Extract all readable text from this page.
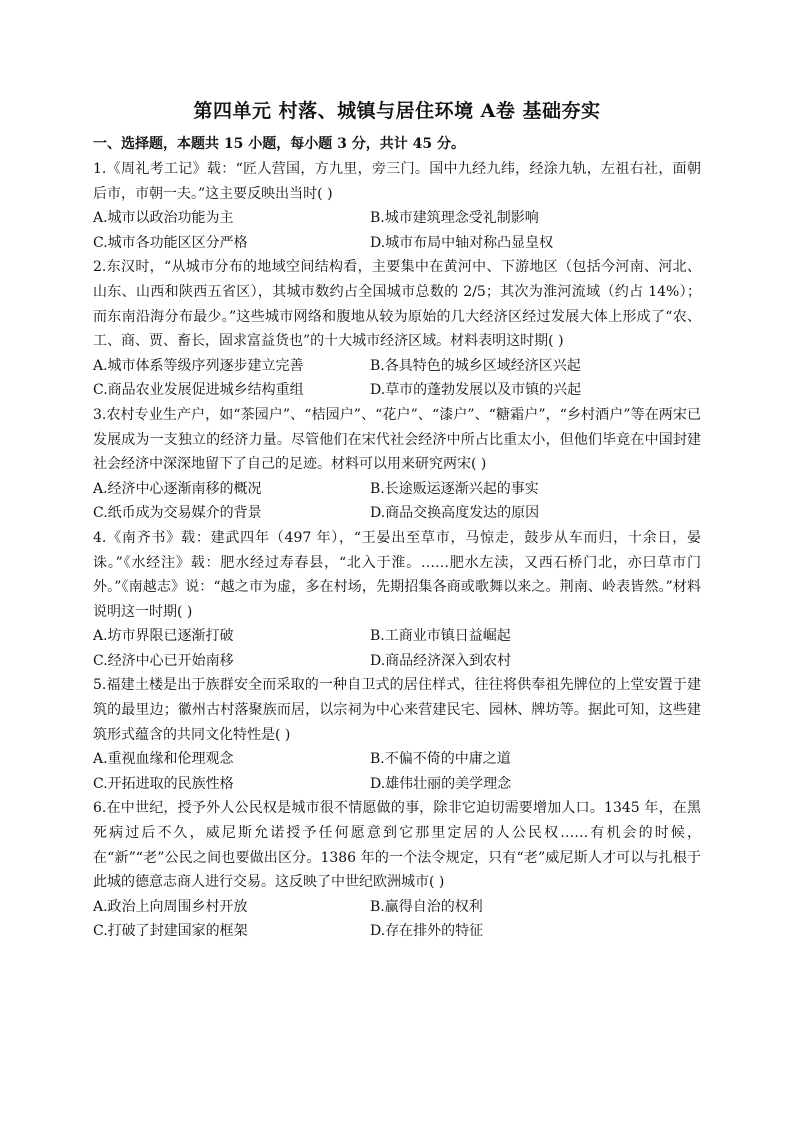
第四单元 村落、城镇与居住环境 A卷 基础夯实
一、选择题，本题共 15 小题，每小题 3 分，共计 45 分。

1.《周礼考工记》载：“匠人营国，方九里，旁三门。国中九经九纬，经涂九轨，左祖右社，面朝后市，市朝一夫。”这主要反映出当时( )

A.城市以政治功能为主	B.城市建筑理念受礼制影响

C.城市各功能区区分严格	D.城市布局中轴对称凸显皇权

2.东汉时，“从城市分布的地域空间结构看，主要集中在黄河中、下游地区（包括今河南、河北、山东、山西和陕西五省区），其城市数约占全国城市总数的 2/5；其次为淮河流域（约占 14%）；而东南沿海分布最少。”这些城市网络和腹地从较为原始的几大经济区经过发展大体上形成了“农、工、商、贾、畜长，固求富益货也”的十大城市经济区域。材料表明这时期( )

A.城市体系等级序列逐步建立完善	B.各具特色的城乡区域经济区兴起

C.商品农业发展促进城乡结构重组	D.草市的蓬勃发展以及市镇的兴起

3.农村专业生产户，如“茶园户”、“桔园户”、“花户”、“漆户”、“糖霜户”，“乡村酒户”等在两宋已发展成为一支独立的经济力量。尽管他们在宋代社会经济中所占比重太小，但他们毕竟在中国封建社会经济中深深地留下了自己的足迹。材料可以用来研究两宋( )

A.经济中心逐渐南移的概况	B.长途贩运逐渐兴起的事实

C.纸币成为交易媒介的背景	D.商品交换高度发达的原因

4.《南齐书》载：建武四年（497 年），“王晏出至草市，马惊走，鼓步从车而归，十余日，晏诛。”《水经注》载：肥水经过寿春县，“北入于淮。……肥水左渎，又西石桥门北，亦曰草市门外。”《南越志》说：“越之市为虚，多在村场，先期招集各商或歌舞以来之。荆南、岭表皆然。”材料说明这一时期( )

A.坊市界限已逐渐打破	B.工商业市镇日益崛起

C.经济中心已开始南移	D.商品经济深入到农村

5.福建土楼是出于族群安全而采取的一种自卫式的居住样式，往往将供奉祖先牌位的上堂安置于建筑的最里边；徽州古村落聚族而居，以宗祠为中心来营建民宅、园林、牌坊等。据此可知，这些建筑形式蕴含的共同文化特性是( )

A.重视血缘和伦理观念	B.不偏不倚的中庸之道

C.开拓进取的民族性格	D.雄伟壮丽的美学理念

6.在中世纪，授予外人公民权是城市很不情愿做的事，除非它迫切需要增加人口。1345 年，在黑死病过后不久，威尼斯允诺授予任何愿意到它那里定居的人公民权……有机会的时候，在“新”“老”公民之间也要做出区分。1386 年的一个法令规定，只有“老”威尼斯人才可以与扎根于此城的德意志商人进行交易。这反映了中世纪欧洲城市( )

A.政治上向周围乡村开放	B.赢得自治的权利

C.打破了封建国家的框架	D.存在排外的特征
